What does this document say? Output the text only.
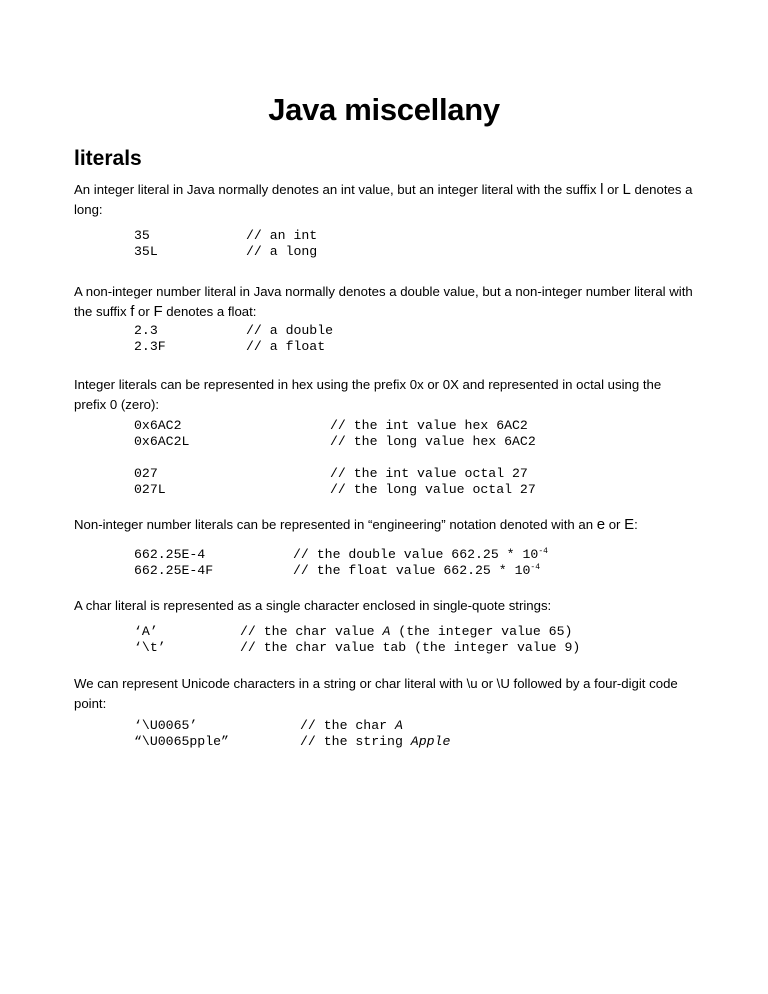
Java miscellany
literals
An integer literal in Java normally denotes an int value, but an integer literal with the suffix l or L denotes a long:
35	// an int
35L	// a long
A non-integer number literal in Java normally denotes a double value, but a non-integer number literal with the suffix f or F denotes a float:
2.3	// a double
2.3F	// a float
Integer literals can be represented in hex using the prefix 0x or 0X and represented in octal using the prefix 0 (zero):
0x6AC2	// the int value hex 6AC2
0x6AC2L	// the long value hex 6AC2
027	// the int value octal 27
027L	// the long value octal 27
Non-integer number literals can be represented in “engineering” notation denoted with an e or E:
662.25E-4	// the double value $662.25 * 10^{-4}$
662.25E-4F	// the float value $662.25 * 10^{-4}$
A char literal is represented as a single character enclosed in single-quote strings:
‘A’	// the char value A (the integer value 65)
‘\t’	// the char value tab (the integer value 9)
We can represent Unicode characters in a string or char literal with \u or \U followed by a four-digit code point:
‘\U0065’	// the char A
“\U0065pple”	// the string Apple
